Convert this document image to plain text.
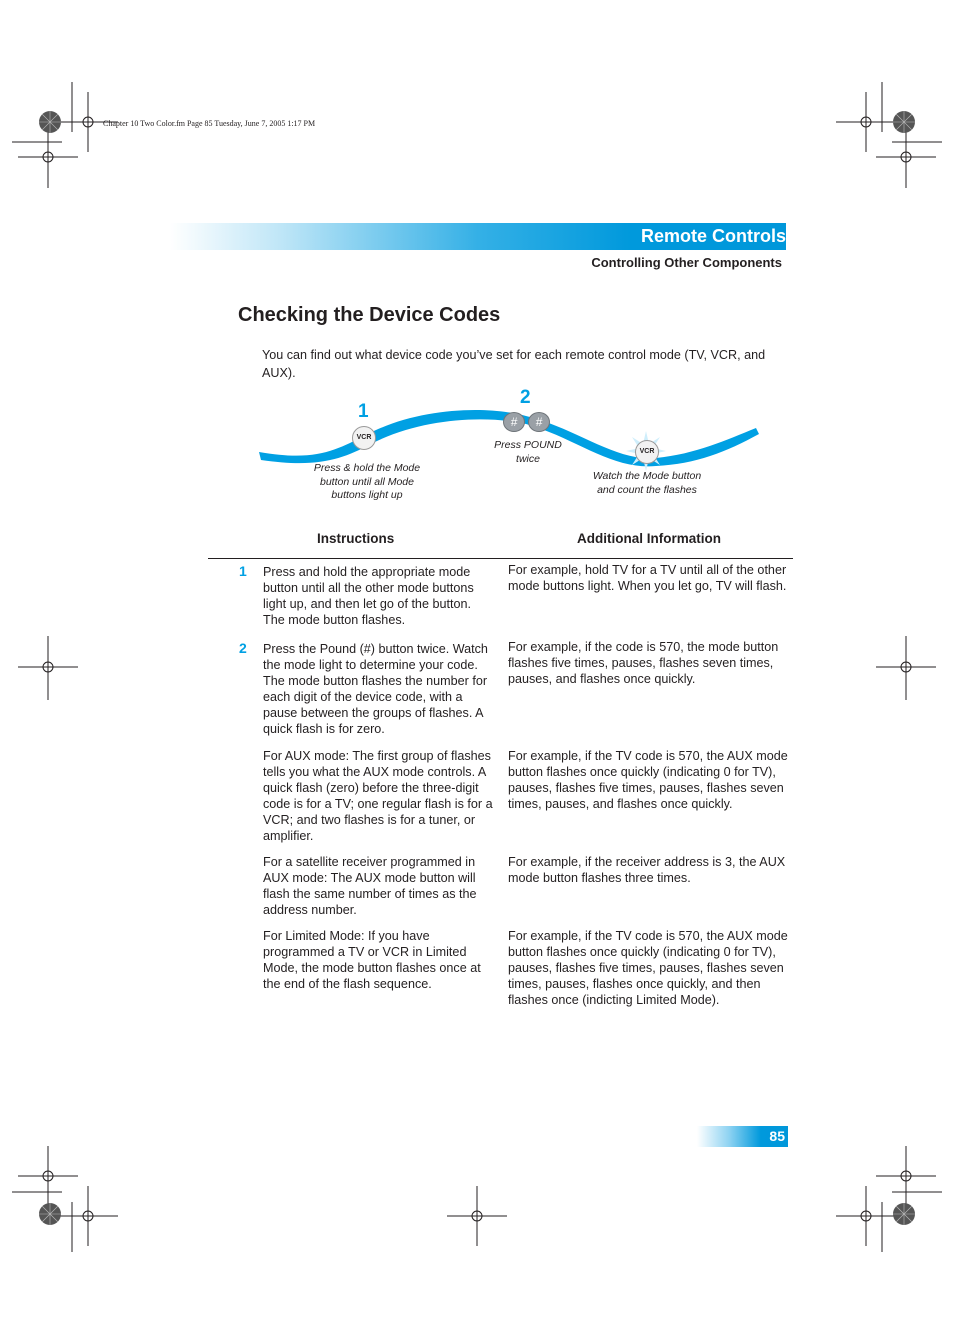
Chapter 10 Two Color.fm Page 85 Tuesday, June 7, 2005 1:17 PM
Remote Controls
Controlling Other Components
Checking the Device Codes
You can find out what device code you’ve set for each remote control mode (TV, VCR, and AUX).
1
2
VCR
#	#
VCR
Press & hold the Mode
button until all Mode
buttons light up
Press POUND
twice
Watch the Mode button
and count the flashes
Instructions	Additional Information
1 Press and hold the appropriate mode button until all the other mode buttons light up, and then let go of the button. The mode button flashes.
For example, hold TV for a TV until all of the other mode buttons light. When you let go, TV will flash.
2 Press the Pound (#) button twice. Watch the mode light to determine your code. The mode button flashes the number for each digit of the device code, with a pause between the groups of flashes. A quick flash is for zero.
For example, if the code is 570, the mode button flashes five times, pauses, flashes seven times, pauses, and flashes once quickly.
For AUX mode: The first group of flashes tells you what the AUX mode controls. A quick flash (zero) before the three-digit code is for a TV; one regular flash is for a VCR; and two flashes is for a tuner, or amplifier.
For example, if the TV code is 570, the AUX mode button flashes once quickly (indicating 0 for TV), pauses, flashes five times, pauses, flashes seven times, pauses, and flashes once quickly.
For a satellite receiver programmed in AUX mode: The AUX mode button will flash the same number of times as the address number.
For example, if the receiver address is 3, the AUX mode button flashes three times.
For Limited Mode: If you have programmed a TV or VCR in Limited Mode, the mode button flashes once at the end of the flash sequence.
For example, if the TV code is 570, the AUX mode button flashes once quickly (indicating 0 for TV), pauses, flashes five times, pauses, flashes seven times, pauses, flashes once quickly, and then flashes once (indicting Limited Mode).
85
